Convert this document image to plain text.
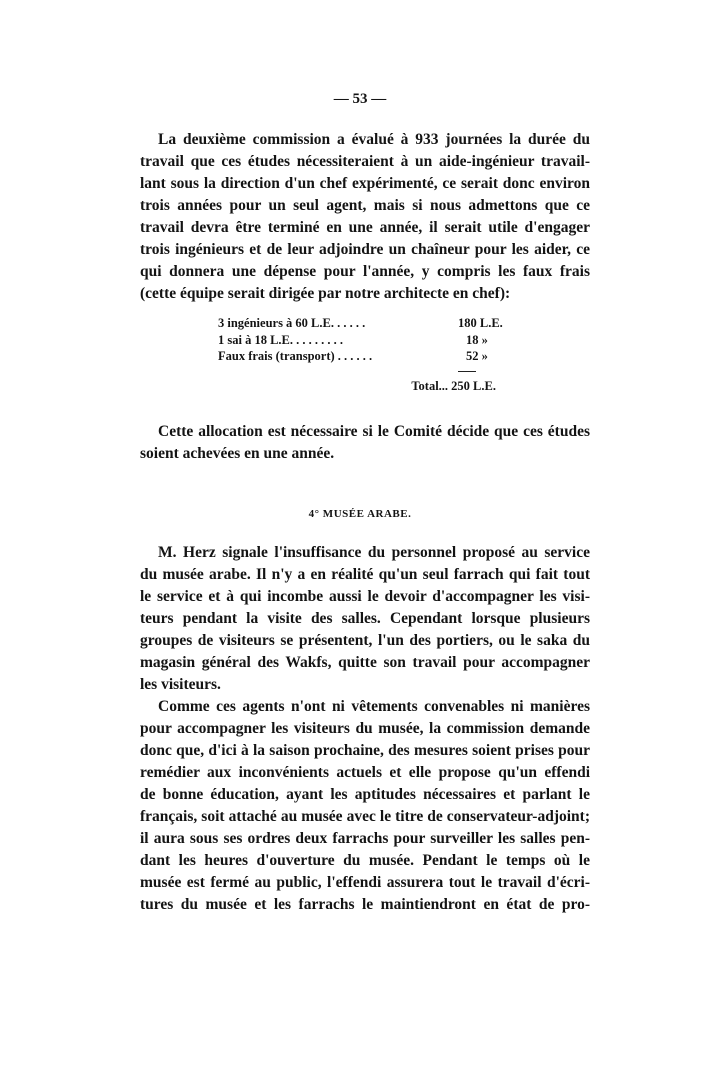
— 53 —
La deuxième commission a évalué à 933 journées la durée du
travail que ces études nécessiteraient à un aide-ingénieur travail-
lant sous la direction d'un chef expérimenté, ce serait donc environ
trois années pour un seul agent, mais si nous admettons que ce
travail devra être terminé en une année, il serait utile d'engager
trois ingénieurs et de leur adjoindre un chaîneur pour les aider, ce
qui donnera une dépense pour l'année, y compris les faux frais
(cette équipe serait dirigée par notre architecte en chef):
3 ingénieurs à 60 L.E. . . . . .	180 L.E.
1 sai à 18 L.E. . . . . . . . .	18 »
Faux frais (transport) . . . . . .	52 »
Total... 250 L.E.
Cette allocation est nécessaire si le Comité décide que ces études
soient achevées en une année.
4° MUSÉE ARABE.
M. Herz signale l'insuffisance du personnel proposé au service
du musée arabe. Il n'y a en réalité qu'un seul farrach qui fait tout
le service et à qui incombe aussi le devoir d'accompagner les visi-
teurs pendant la visite des salles. Cependant lorsque plusieurs
groupes de visiteurs se présentent, l'un des portiers, ou le saka du
magasin général des Wakfs, quitte son travail pour accompagner
les visiteurs.
Comme ces agents n'ont ni vêtements convenables ni manières
pour accompagner les visiteurs du musée, la commission demande
donc que, d'ici à la saison prochaine, des mesures soient prises pour
remédier aux inconvénients actuels et elle propose qu'un effendi
de bonne éducation, ayant les aptitudes nécessaires et parlant le
français, soit attaché au musée avec le titre de conservateur-adjoint;
il aura sous ses ordres deux farrachs pour surveiller les salles pen-
dant les heures d'ouverture du musée. Pendant le temps où le
musée est fermé au public, l'effendi assurera tout le travail d'écri-
tures du musée et les farrachs le maintiendront en état de pro-
